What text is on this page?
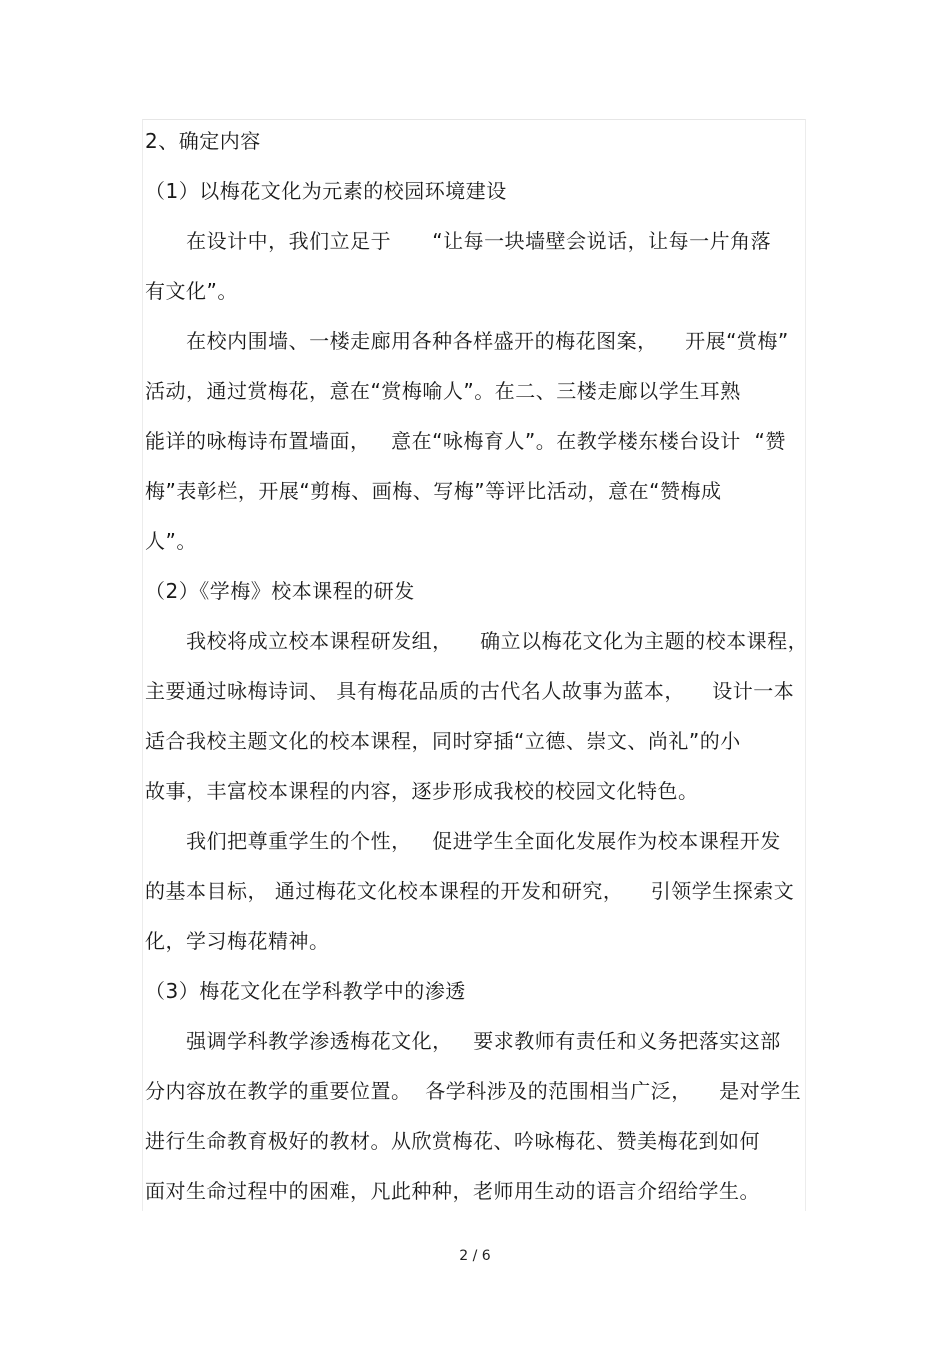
2、确定内容
（1）以梅花文化为元素的校园环境建设
在设计中，我们立足于      “让每一块墙壁会说话，让每一片角落
有文化”。
在校内围墙、一楼走廊用各种各样盛开的梅花图案，    开展“赏梅”
活动，通过赏梅花，意在“赏梅喻人”。在二、三楼走廊以学生耳熟
能详的咏梅诗布置墙面，   意在“咏梅育人”。在教学楼东楼台设计  “赞
梅”表彰栏，开展“剪梅、画梅、写梅”等评比活动，意在“赞梅成
人”。
（2）《学梅》校本课程的研发
我校将成立校本课程研发组，    确立以梅花文化为主题的校本课程，
主要通过咏梅诗词、 具有梅花品质的古代名人故事为蓝本，    设计一本
适合我校主题文化的校本课程，同时穿插“立德、崇文、尚礼”的小
故事，丰富校本课程的内容，逐步形成我校的校园文化特色。
我们把尊重学生的个性，   促进学生全面化发展作为校本课程开发
的基本目标， 通过梅花文化校本课程的开发和研究，    引领学生探索文
化，学习梅花精神。
（3）梅花文化在学科教学中的渗透
强调学科教学渗透梅花文化，   要求教师有责任和义务把落实这部
分内容放在教学的重要位置。  各学科涉及的范围相当广泛，    是对学生
进行生命教育极好的教材。从欣赏梅花、吟咏梅花、赞美梅花到如何
面对生命过程中的困难，凡此种种，老师用生动的语言介绍给学生。
2 / 6
